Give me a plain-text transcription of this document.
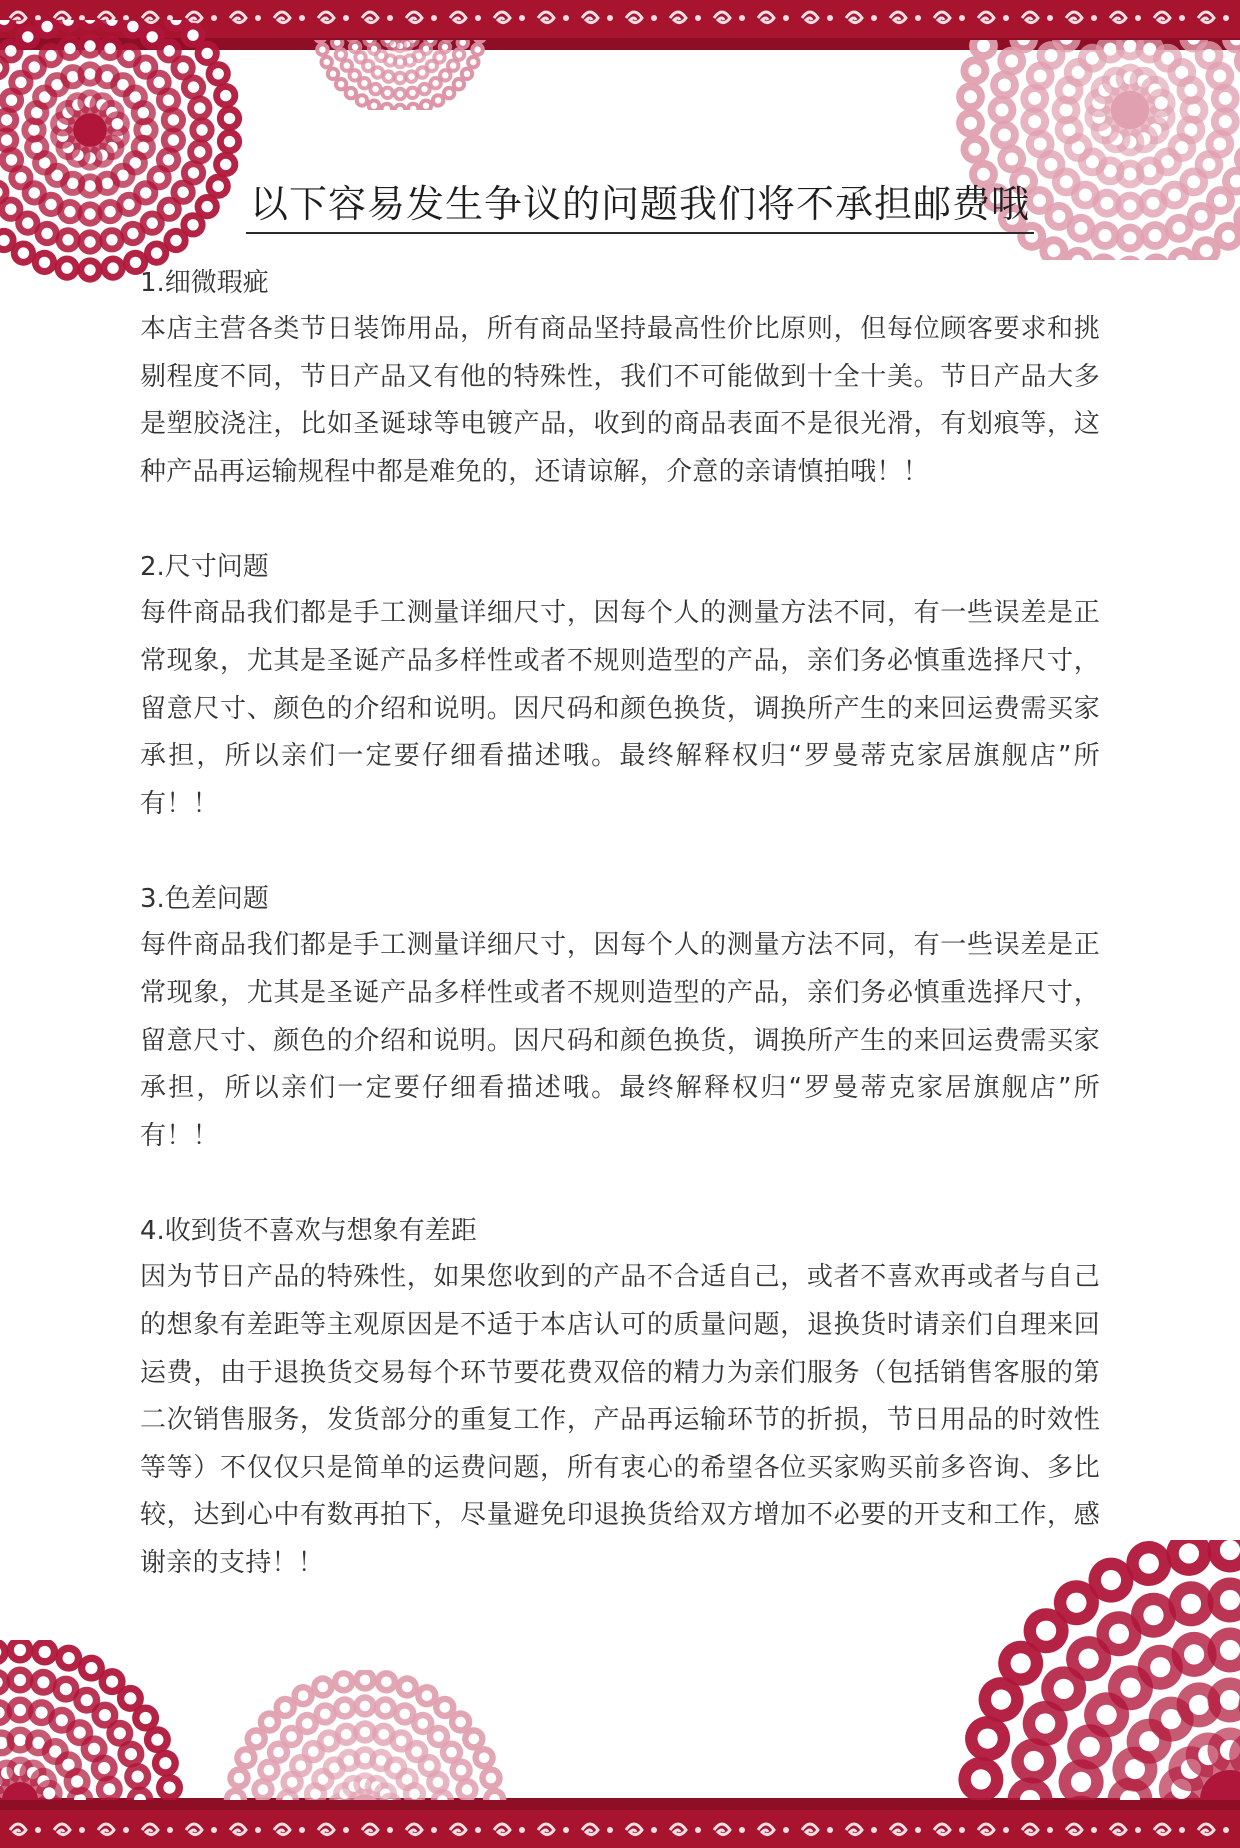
以下容易发生争议的问题我们将不承担邮费哦
1.细微瑕疵
本店主营各类节日装饰用品，所有商品坚持最高性价比原则，但每位顾客要求和挑剔程度不同，节日产品又有他的特殊性，我们不可能做到十全十美。节日产品大多是塑胶浇注，比如圣诞球等电镀产品，收到的商品表面不是很光滑，有划痕等，这种产品再运输规程中都是难免的，还请谅解，介意的亲请慎拍哦！！
2.尺寸问题
每件商品我们都是手工测量详细尺寸，因每个人的测量方法不同，有一些误差是正常现象，尤其是圣诞产品多样性或者不规则造型的产品，亲们务必慎重选择尺寸，留意尺寸、颜色的介绍和说明。因尺码和颜色换货，调换所产生的来回运费需买家承担，所以亲们一定要仔细看描述哦。最终解释权归“罗曼蒂克家居旗舰店”所有！！
3.色差问题
每件商品我们都是手工测量详细尺寸，因每个人的测量方法不同，有一些误差是正常现象，尤其是圣诞产品多样性或者不规则造型的产品，亲们务必慎重选择尺寸，留意尺寸、颜色的介绍和说明。因尺码和颜色换货，调换所产生的来回运费需买家承担，所以亲们一定要仔细看描述哦。最终解释权归“罗曼蒂克家居旗舰店”所有！！
4.收到货不喜欢与想象有差距
因为节日产品的特殊性，如果您收到的产品不合适自己，或者不喜欢再或者与自己的想象有差距等主观原因是不适于本店认可的质量问题，退换货时请亲们自理来回运费，由于退换货交易每个环节要花费双倍的精力为亲们服务（包括销售客服的第二次销售服务，发货部分的重复工作，产品再运输环节的折损，节日用品的时效性等等）不仅仅只是简单的运费问题，所有衷心的希望各位买家购买前多咨询、多比较，达到心中有数再拍下，尽量避免印退换货给双方增加不必要的开支和工作，感谢亲的支持！！
